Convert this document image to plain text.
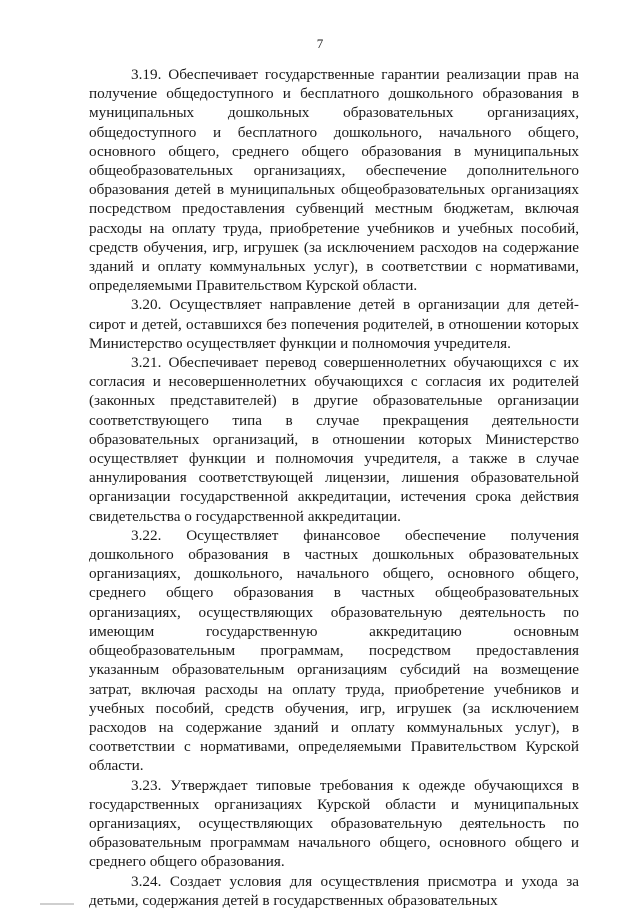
7

3.19. Обеспечивает государственные гарантии реализации прав на получение общедоступного и бесплатного дошкольного образования в муниципальных дошкольных образовательных организациях, общедоступного и бесплатного дошкольного, начального общего, основного общего, среднего общего образования в муниципальных общеобразовательных организациях, обеспечение дополнительного образования детей в муниципальных общеобразовательных организациях посредством предоставления субвенций местным бюджетам, включая расходы на оплату труда, приобретение учебников и учебных пособий, средств обучения, игр, игрушек (за исключением расходов на содержание зданий и оплату коммунальных услуг), в соответствии с нормативами, определяемыми Правительством Курской области.

3.20. Осуществляет направление детей в организации для детей-сирот и детей, оставшихся без попечения родителей, в отношении которых Министерство осуществляет функции и полномочия учредителя.

3.21. Обеспечивает перевод совершеннолетних обучающихся с их согласия и несовершеннолетних обучающихся с согласия их родителей (законных представителей) в другие образовательные организации соответствующего типа в случае прекращения деятельности образовательных организаций, в отношении которых Министерство осуществляет функции и полномочия учредителя, а также в случае аннулирования соответствующей лицензии, лишения образовательной организации государственной аккредитации, истечения срока действия свидетельства о государственной аккредитации.

3.22. Осуществляет финансовое обеспечение получения дошкольного образования в частных дошкольных образовательных организациях, дошкольного, начального общего, основного общего, среднего общего образования в частных общеобразовательных организациях, осуществляющих образовательную деятельность по имеющим государственную аккредитацию основным общеобразовательным программам, посредством предоставления указанным образовательным организациям субсидий на возмещение затрат, включая расходы на оплату труда, приобретение учебников и учебных пособий, средств обучения, игр, игрушек (за исключением расходов на содержание зданий и оплату коммунальных услуг), в соответствии с нормативами, определяемыми Правительством Курской области.

3.23. Утверждает типовые требования к одежде обучающихся в государственных организациях Курской области и муниципальных организациях, осуществляющих образовательную деятельность по образовательным программам начального общего, основного общего и среднего общего образования.

3.24. Создает условия для осуществления присмотра и ухода за детьми, содержания детей в государственных образовательных
